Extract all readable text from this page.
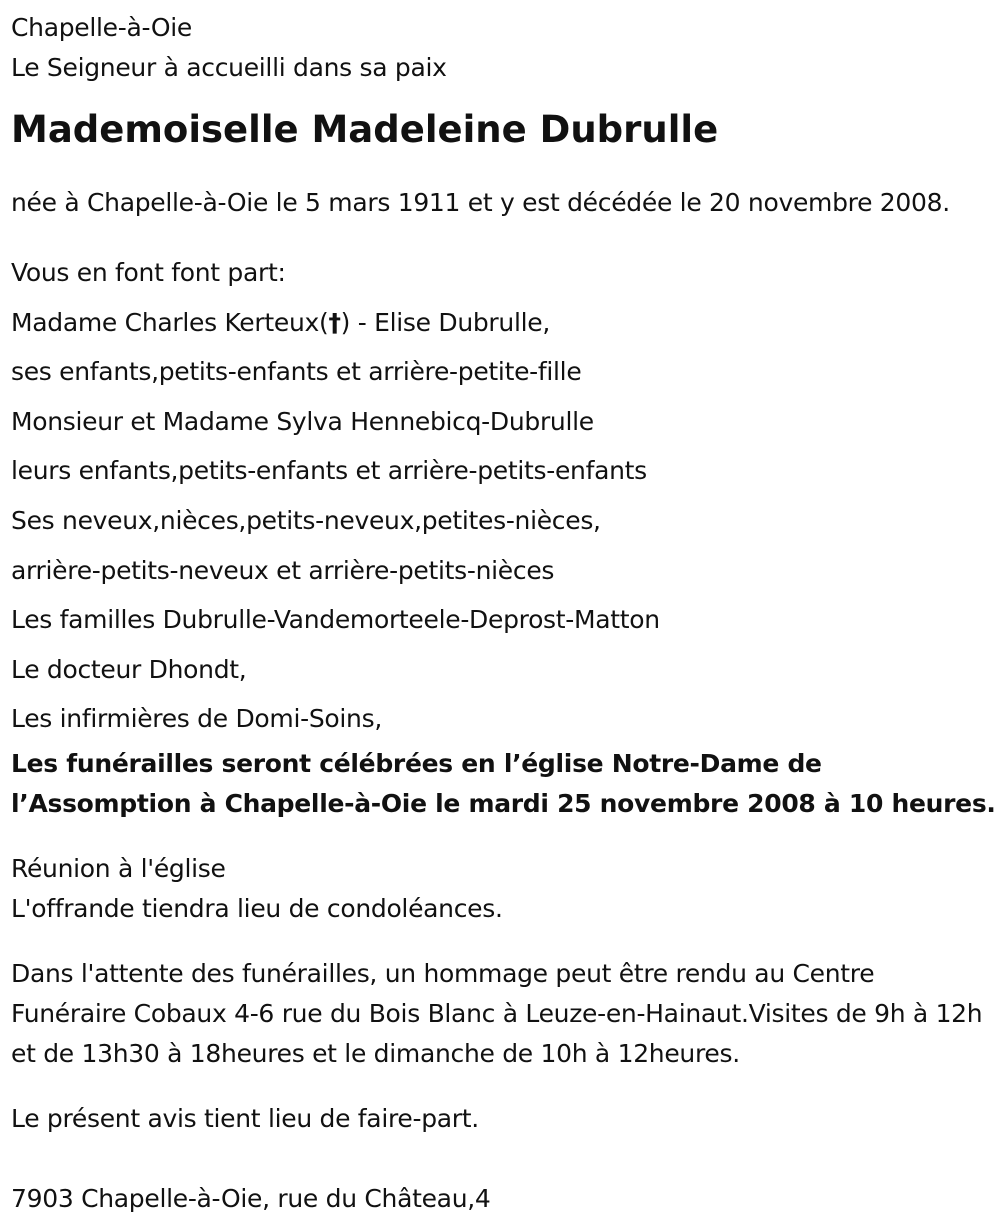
Chapelle-à-Oie

Le Seigneur à accueilli dans sa paix

Mademoiselle Madeleine Dubrulle

née à Chapelle-à-Oie le 5 mars 1911 et y est décédée le 20 novembre 2008.

Vous en font font part:

Madame Charles Kerteux(†) - Elise Dubrulle,

ses enfants,petits-enfants et arrière-petite-fille

Monsieur et Madame Sylva Hennebicq-Dubrulle

leurs enfants,petits-enfants et arrière-petits-enfants

Ses neveux,nièces,petits-neveux,petites-nièces,

arrière-petits-neveux et arrière-petits-nièces

Les familles Dubrulle-Vandemorteele-Deprost-Matton

Le docteur Dhondt,

Les infirmières de Domi-Soins,

Les funérailles seront célébrées en l’église Notre-Dame de l’Assomption à Chapelle-à-Oie le mardi 25 novembre 2008 à 10 heures.

Réunion à l'église

L'offrande tiendra lieu de condoléances.

Dans l'attente des funérailles, un hommage peut être rendu au Centre Funéraire Cobaux 4-6 rue du Bois Blanc à Leuze-en-Hainaut.Visites de 9h à 12h et de 13h30 à 18heures et le dimanche de 10h à 12heures.

Le présent avis tient lieu de faire-part.

7903 Chapelle-à-Oie, rue du Château,4
